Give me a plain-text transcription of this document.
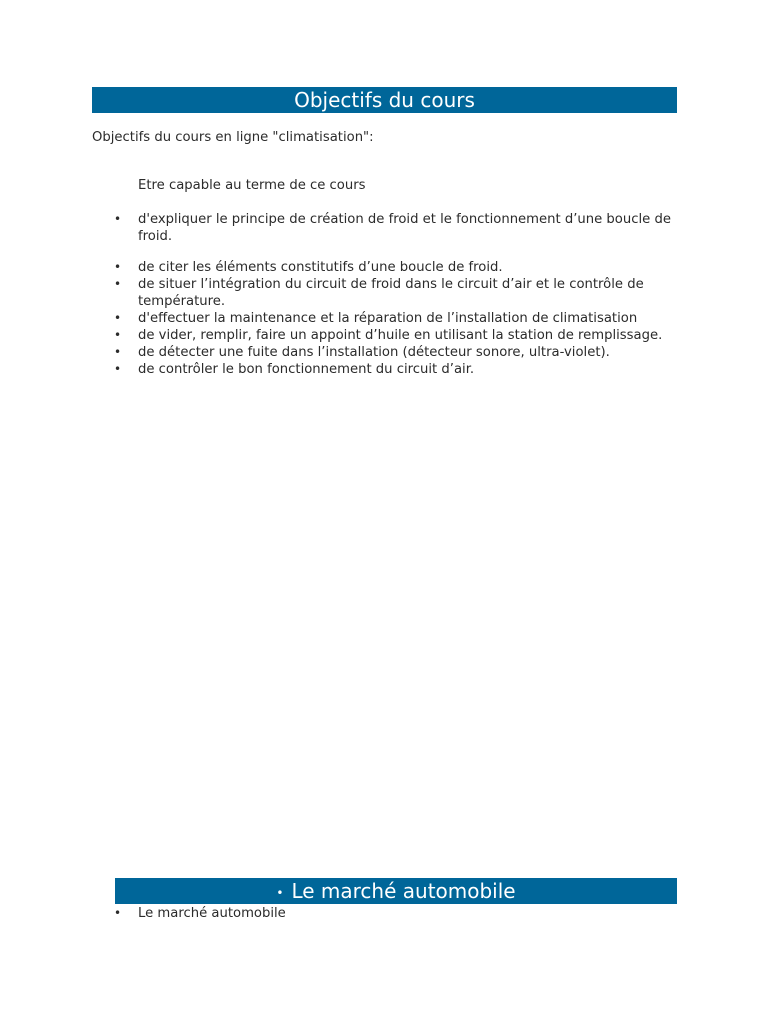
Objectifs du cours
Objectifs du cours en ligne "climatisation":
Etre capable au terme de ce cours
• d'expliquer le principe de création de froid et le fonctionnement d’une boucle de froid.
• de citer les éléments constitutifs d’une boucle de froid.
• de situer l’intégration du circuit de froid dans le circuit d’air et le contrôle de température.
• d'effectuer la maintenance et la réparation de l’installation de climatisation
• de vider, remplir, faire un appoint d’huile en utilisant la station de remplissage.
• de détecter une fuite dans l’installation (détecteur sonore, ultra-violet).
• de contrôler le bon fonctionnement du circuit d’air.
• Le marché automobile
• Le marché automobile
